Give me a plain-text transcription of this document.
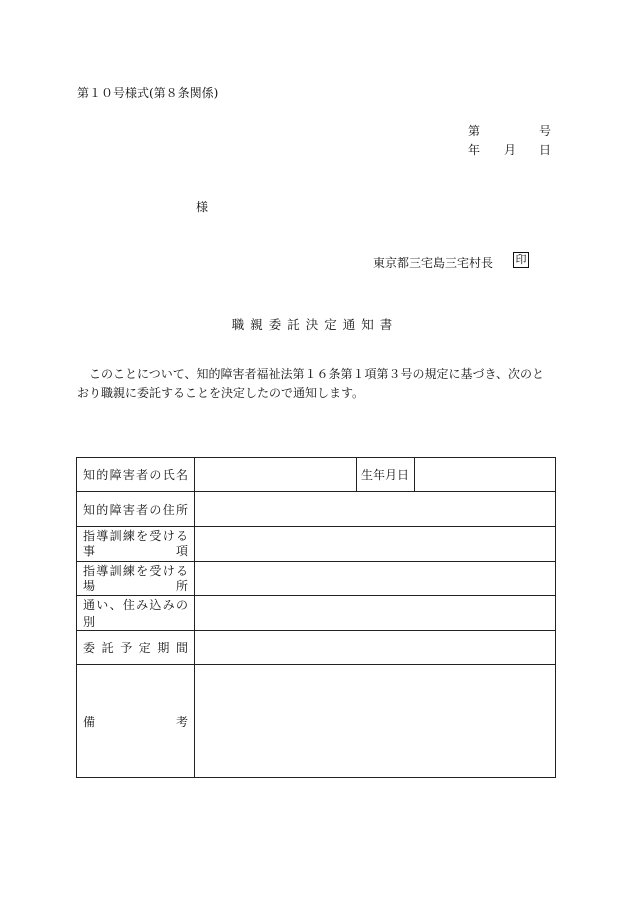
第１０号様式(第８条関係)
第	号
年 月 日
様
東京都三宅島三宅村長 印
職親委託決定通知書
このことについて、知的障害者福祉法第１６条第１項第３号の規定に基づき、次のとおり職親に委託することを決定したので通知します。
知的障害者の氏名		生年月日	

知的障害者の住所			

指導訓練を受ける
事　項			

指導訓練を受ける
場　所			

通い、住み込みの別			

委託予定期間			

備　考			
